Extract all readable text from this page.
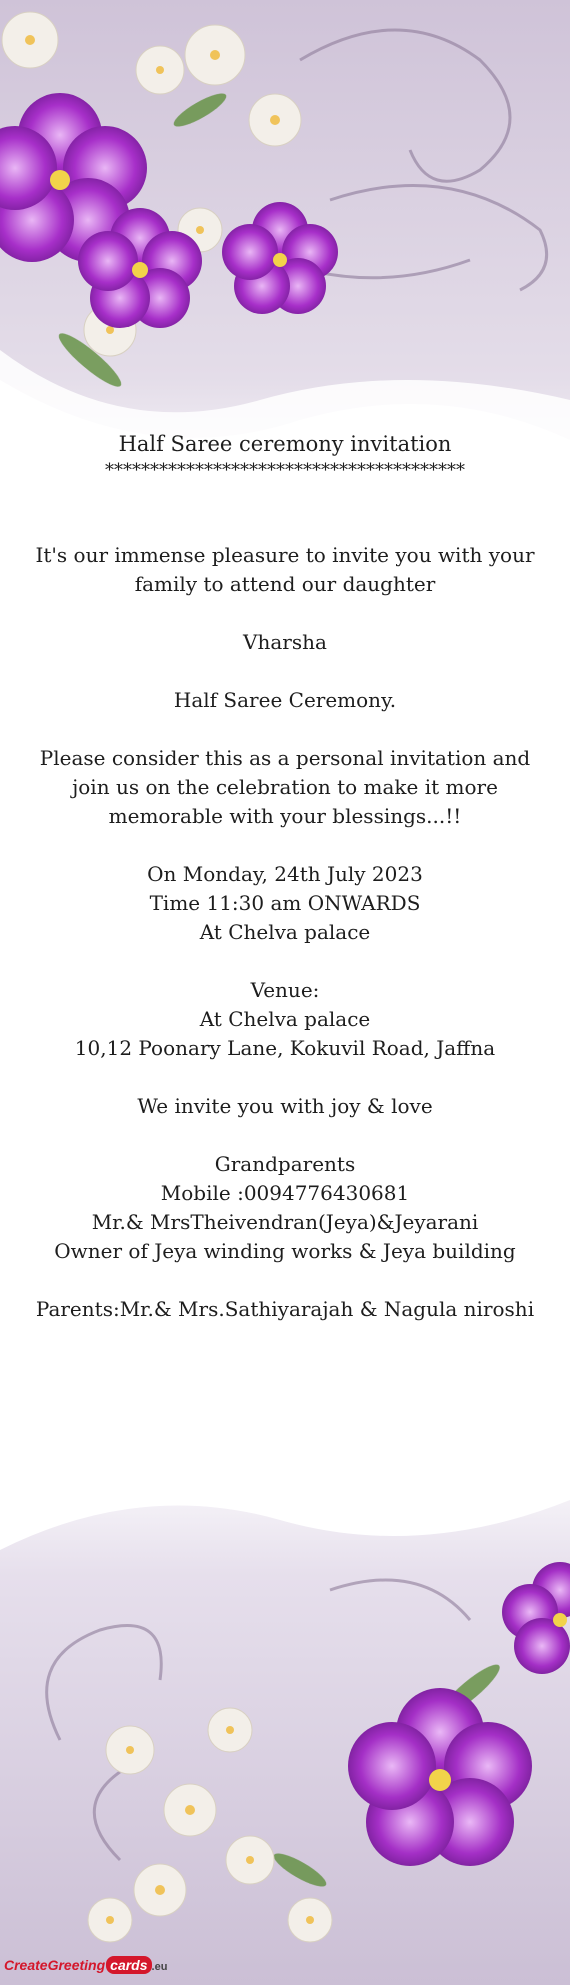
Half Saree ceremony invitation

****************************************

It's our immense pleasure to invite you with your family to attend our daughter

Vharsha

Half Saree Ceremony.

Please consider this as a personal invitation and join us on the celebration to make it more memorable with your blessings...!!

On Monday, 24th July 2023

Time 11:30 am ONWARDS

At Chelva palace

Venue:

At Chelva palace

10,12 Poonary Lane, Kokuvil Road, Jaffna

We invite you with joy & love

Grandparents

Mobile :0094776430681

Mr.& MrsTheivendran(Jeya)&Jeyarani

Owner of Jeya winding works & Jeya building

Parents:Mr.& Mrs.Sathiyarajah & Nagula niroshi

CreateGreeting cards .eu
